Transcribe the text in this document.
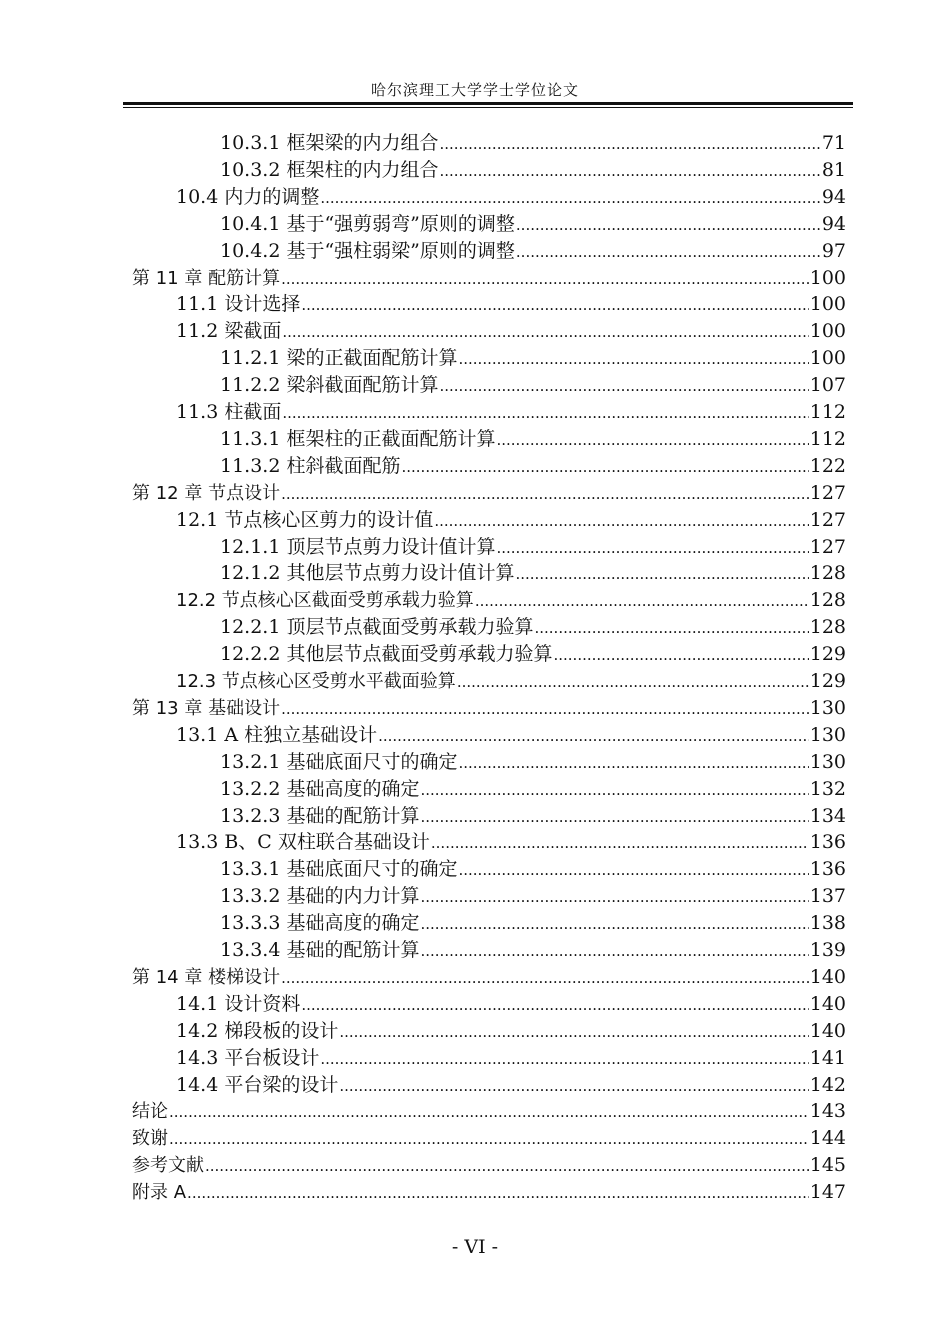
哈尔滨理工大学学士学位论文
10.3.1 框架梁的内力组合 .....	71
10.3.2 框架柱的内力组合 .....	81
10.4 内力的调整 .....	94
10.4.1 基于“强剪弱弯”原则的调整 .....	94
10.4.2 基于“强柱弱梁”原则的调整 .....	97
第 11 章 配筋计算 .....	100
11.1 设计选择 .....	100
11.2 梁截面 .....	100
11.2.1 梁的正截面配筋计算 .....	100
11.2.2 梁斜截面配筋计算 .....	107
11.3 柱截面 .....	112
11.3.1 框架柱的正截面配筋计算 .....	112
11.3.2 柱斜截面配筋 .....	122
第 12 章 节点设计 .....	127
12.1 节点核心区剪力的设计值 .....	127
12.1.1 顶层节点剪力设计值计算 .....	127
12.1.2 其他层节点剪力设计值计算 .....	128
12.2 节点核心区截面受剪承载力验算 .....	128
12.2.1 顶层节点截面受剪承载力验算 .....	128
12.2.2 其他层节点截面受剪承载力验算 .....	129
12.3 节点核心区受剪水平截面验算 .....	129
第 13 章 基础设计 .....	130
13.1 A 柱独立基础设计 .....	130
13.2.1 基础底面尺寸的确定 .....	130
13.2.2 基础高度的确定 .....	132
13.2.3 基础的配筋计算 .....	134
13.3 B、C 双柱联合基础设计 .....	136
13.3.1 基础底面尺寸的确定 .....	136
13.3.2 基础的内力计算 .....	137
13.3.3 基础高度的确定 .....	138
13.3.4 基础的配筋计算 .....	139
第 14 章 楼梯设计 .....	140
14.1 设计资料 .....	140
14.2 梯段板的设计 .....	140
14.3 平台板设计 .....	141
14.4 平台梁的设计 .....	142
结论 .....	143
致谢 .....	144
参考文献 .....	145
附录 A .....	147
- VI -
